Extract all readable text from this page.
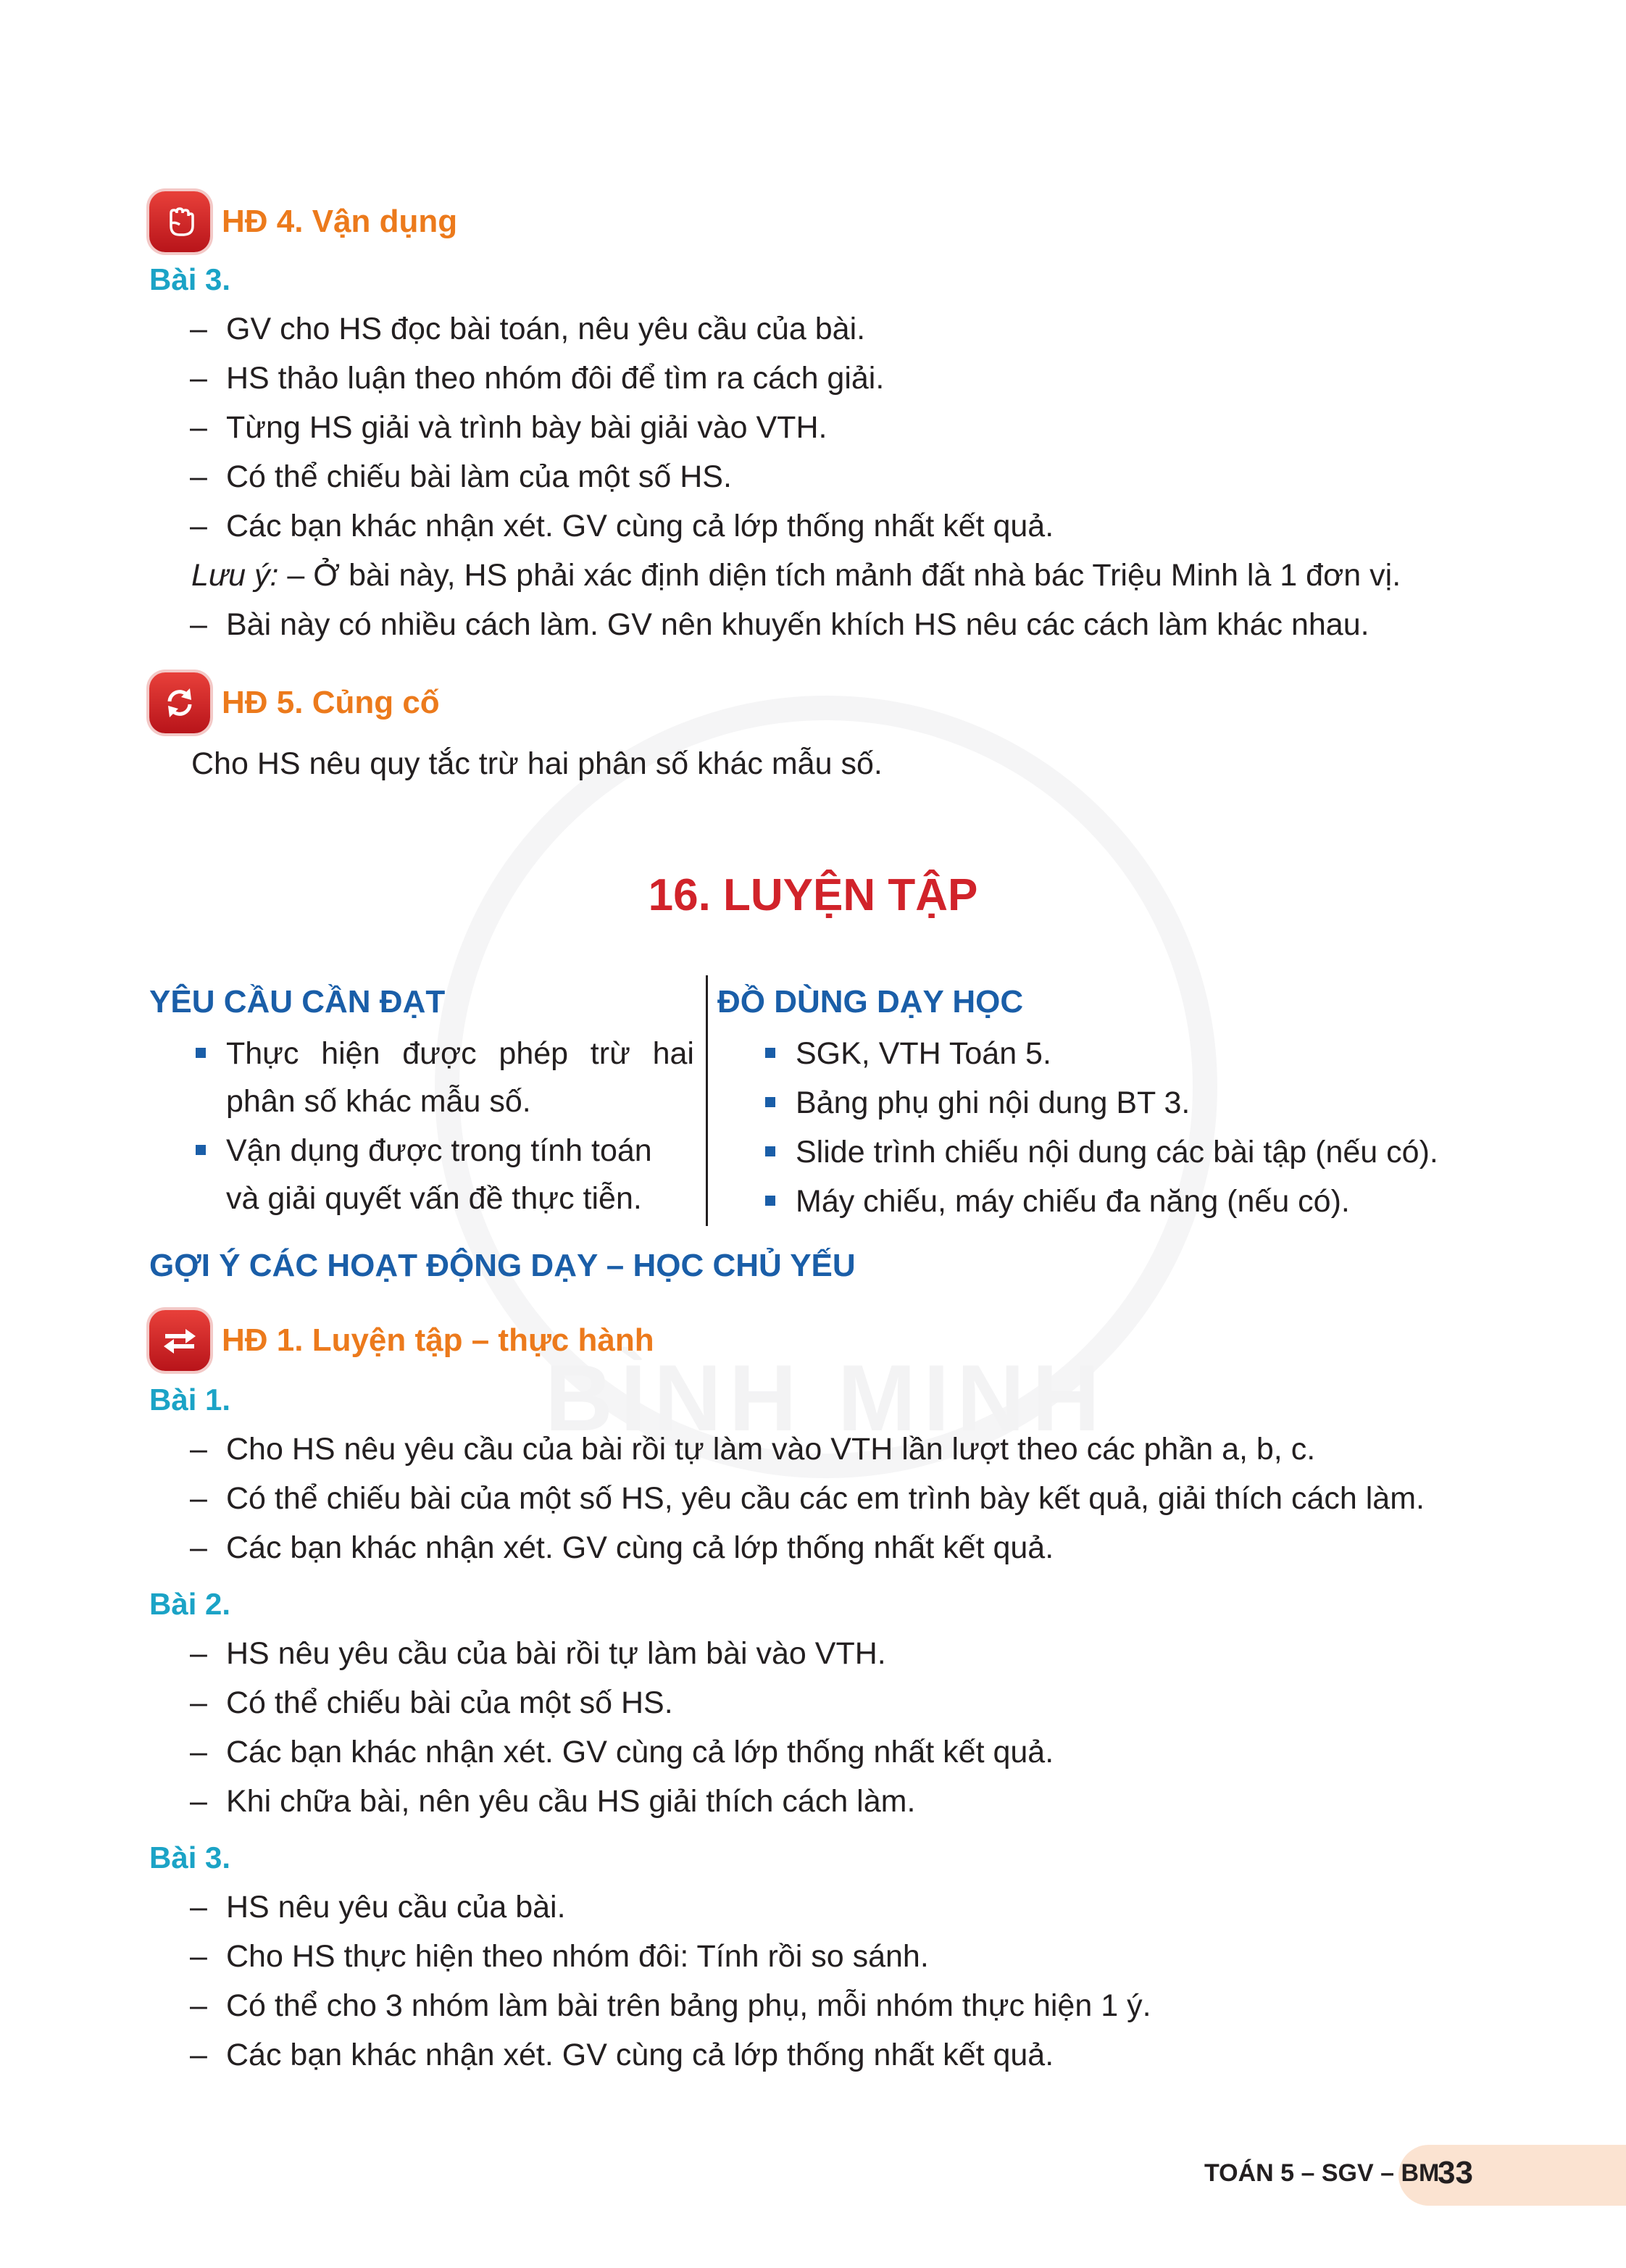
BÌNH MINH
HĐ 4. Vận dụng
Bài 3.
– GV cho HS đọc bài toán, nêu yêu cầu của bài.
– HS thảo luận theo nhóm đôi để tìm ra cách giải.
– Từng HS giải và trình bày bài giải vào VTH.
– Có thể chiếu bài làm của một số HS.
– Các bạn khác nhận xét. GV cùng cả lớp thống nhất kết quả.
Lưu ý: – Ở bài này, HS phải xác định diện tích mảnh đất nhà bác Triệu Minh là 1 đơn vị.
– Bài này có nhiều cách làm. GV nên khuyến khích HS nêu các cách làm khác nhau.
HĐ 5. Củng cố
Cho HS nêu quy tắc trừ hai phân số khác mẫu số.
16. LUYỆN TẬP
YÊU CẦU CẦN ĐẠT
Thực hiện được phép trừ hai
phân số khác mẫu số.
Vận dụng được trong tính toán
và giải quyết vấn đề thực tiễn.
ĐỒ DÙNG DẠY HỌC
SGK, VTH Toán 5.
Bảng phụ ghi nội dung BT 3.
Slide trình chiếu nội dung các bài tập (nếu có).
Máy chiếu, máy chiếu đa năng (nếu có).
GỢI Ý CÁC HOẠT ĐỘNG DẠY – HỌC CHỦ YẾU
HĐ 1. Luyện tập – thực hành
Bài 1.
– Cho HS nêu yêu cầu của bài rồi tự làm vào VTH lần lượt theo các phần a, b, c.
– Có thể chiếu bài của một số HS, yêu cầu các em trình bày kết quả, giải thích cách làm.
– Các bạn khác nhận xét. GV cùng cả lớp thống nhất kết quả.
Bài 2.
– HS nêu yêu cầu của bài rồi tự làm bài vào VTH.
– Có thể chiếu bài của một số HS.
– Các bạn khác nhận xét. GV cùng cả lớp thống nhất kết quả.
– Khi chữa bài, nên yêu cầu HS giải thích cách làm.
Bài 3.
– HS nêu yêu cầu của bài.
– Cho HS thực hiện theo nhóm đôi: Tính rồi so sánh.
– Có thể cho 3 nhóm làm bài trên bảng phụ, mỗi nhóm thực hiện 1 ý.
– Các bạn khác nhận xét. GV cùng cả lớp thống nhất kết quả.
TOÁN 5 – SGV – BM
33
